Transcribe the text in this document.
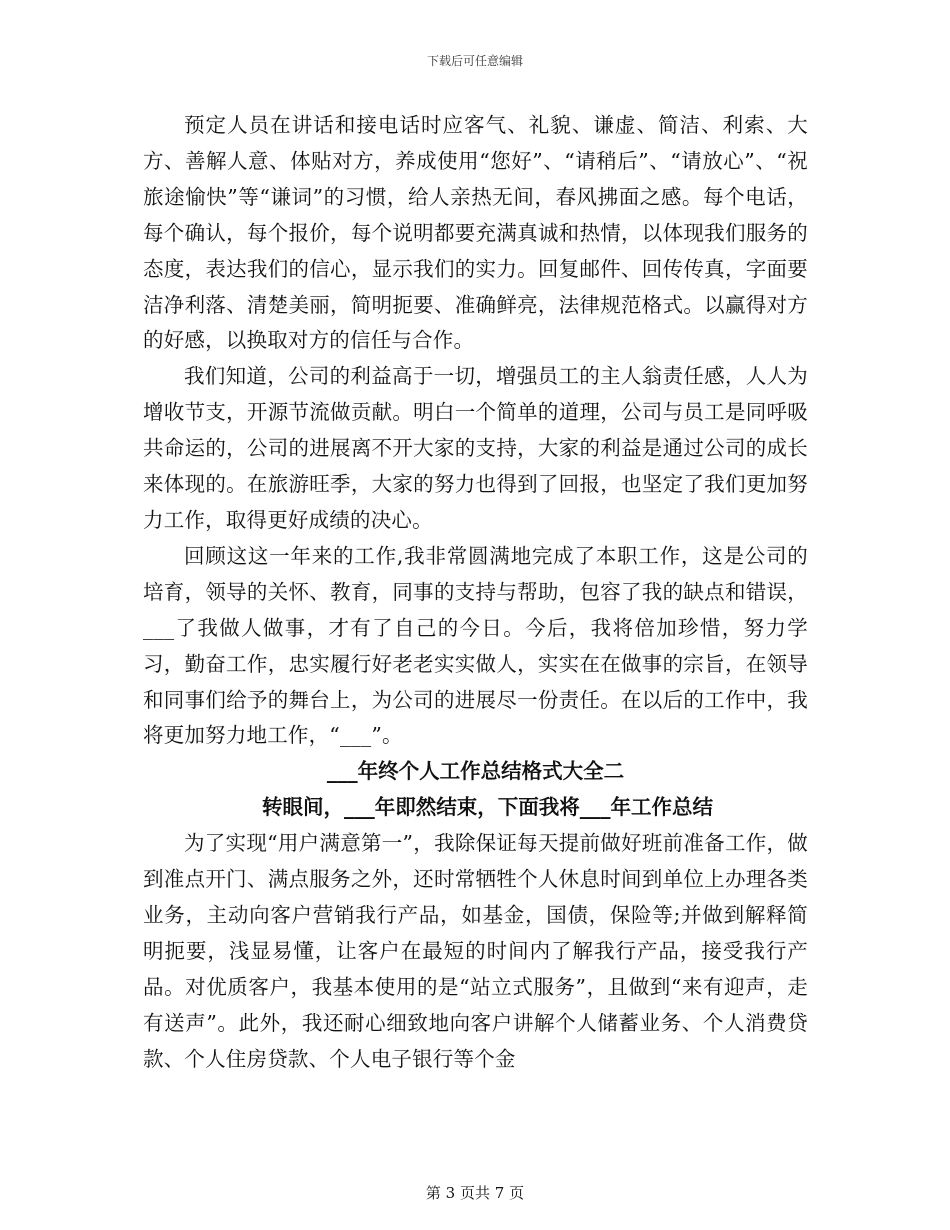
下载后可任意编辑

预定人员在讲话和接电话时应客气、礼貌、谦虚、简洁、利索、大方、善解人意、体贴对方，养成使用“您好”、“请稍后”、“请放心”、“祝旅途愉快”等“谦词”的习惯，给人亲热无间，春风拂面之感。每个电话，每个确认，每个报价，每个说明都要充满真诚和热情，以体现我们服务的态度，表达我们的信心，显示我们的实力。回复邮件、回传传真，字面要洁净利落、清楚美丽，简明扼要、准确鲜亮，法律规范格式。以赢得对方的好感，以换取对方的信任与合作。

我们知道，公司的利益高于一切，增强员工的主人翁责任感，人人为增收节支，开源节流做贡献。明白一个简单的道理，公司与员工是同呼吸共命运的，公司的进展离不开大家的支持，大家的利益是通过公司的成长来体现的。在旅游旺季，大家的努力也得到了回报，也坚定了我们更加努力工作，取得更好成绩的决心。

回顾这这一年来的工作,我非常圆满地完成了本职工作，这是公司的培育，领导的关怀、教育，同事的支持与帮助，包容了我的缺点和错误，___了我做人做事，才有了自己的今日。今后，我将倍加珍惜，努力学习，勤奋工作，忠实履行好老老实实做人，实实在在做事的宗旨，在领导和同事们给予的舞台上，为公司的进展尽一份责任。在以后的工作中，我将更加努力地工作，“___”。

___年终个人工作总结格式大全二

转眼间，___年即然结束，下面我将___年工作总结

为了实现“用户满意第一”，我除保证每天提前做好班前准备工作，做到准点开门、满点服务之外，还时常牺牲个人休息时间到单位上办理各类业务，主动向客户营销我行产品，如基金，国债，保险等;并做到解释简明扼要，浅显易懂，让客户在最短的时间内了解我行产品，接受我行产品。对优质客户，我基本使用的是“站立式服务”，且做到“来有迎声，走有送声”。此外，我还耐心细致地向客户讲解个人储蓄业务、个人消费贷款、个人住房贷款、个人电子银行等个金

第 3 页共 7 页
